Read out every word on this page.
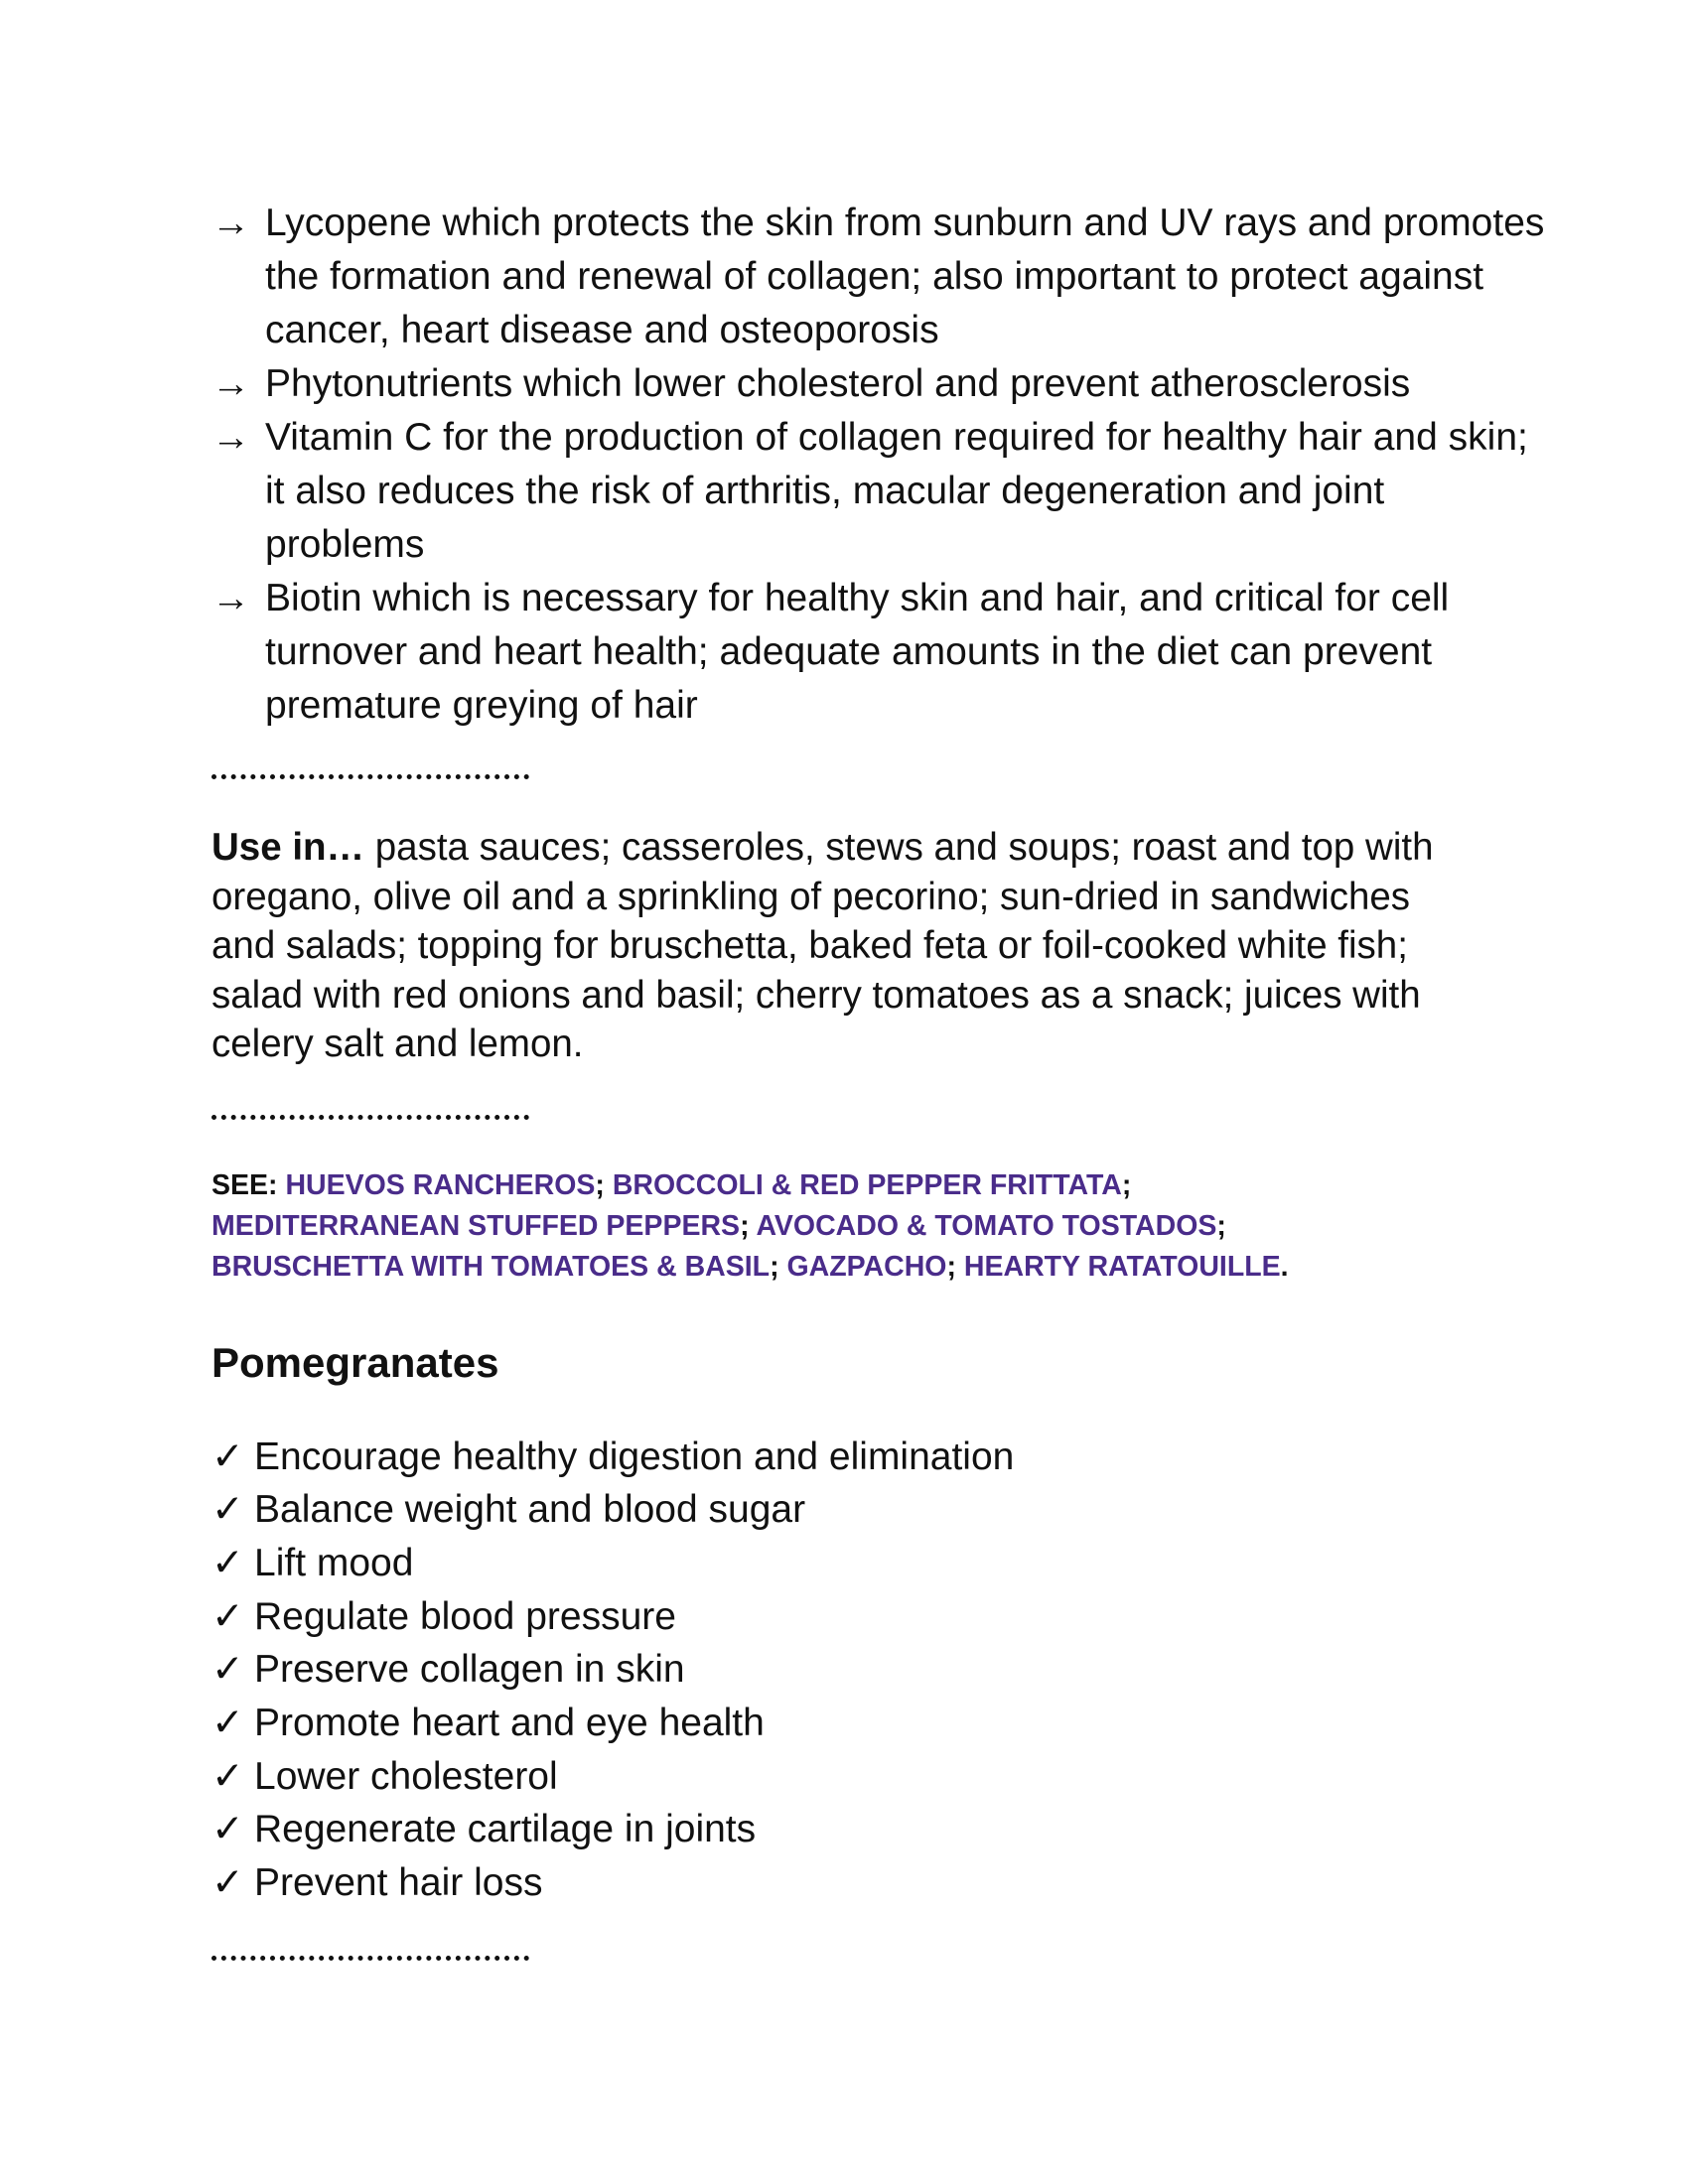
→ Lycopene which protects the skin from sunburn and UV rays and promotes the formation and renewal of collagen; also important to protect against cancer, heart disease and osteoporosis
→ Phytonutrients which lower cholesterol and prevent atherosclerosis
→ Vitamin C for the production of collagen required for healthy hair and skin; it also reduces the risk of arthritis, macular degeneration and joint problems
→ Biotin which is necessary for healthy skin and hair, and critical for cell turnover and heart health; adequate amounts in the diet can prevent premature greying of hair

Use in… pasta sauces; casseroles, stews and soups; roast and top with oregano, olive oil and a sprinkling of pecorino; sun-dried in sandwiches and salads; topping for bruschetta, baked feta or foil-cooked white fish; salad with red onions and basil; cherry tomatoes as a snack; juices with celery salt and lemon.

SEE: HUEVOS RANCHEROS; BROCCOLI & RED PEPPER FRITTATA;
MEDITERRANEAN STUFFED PEPPERS; AVOCADO & TOMATO TOSTADOS;
BRUSCHETTA WITH TOMATOES & BASIL; GAZPACHO; HEARTY RATATOUILLE.

Pomegranates
✓ Encourage healthy digestion and elimination
✓ Balance weight and blood sugar
✓ Lift mood
✓ Regulate blood pressure
✓ Preserve collagen in skin
✓ Promote heart and eye health
✓ Lower cholesterol
✓ Regenerate cartilage in joints
✓ Prevent hair loss
